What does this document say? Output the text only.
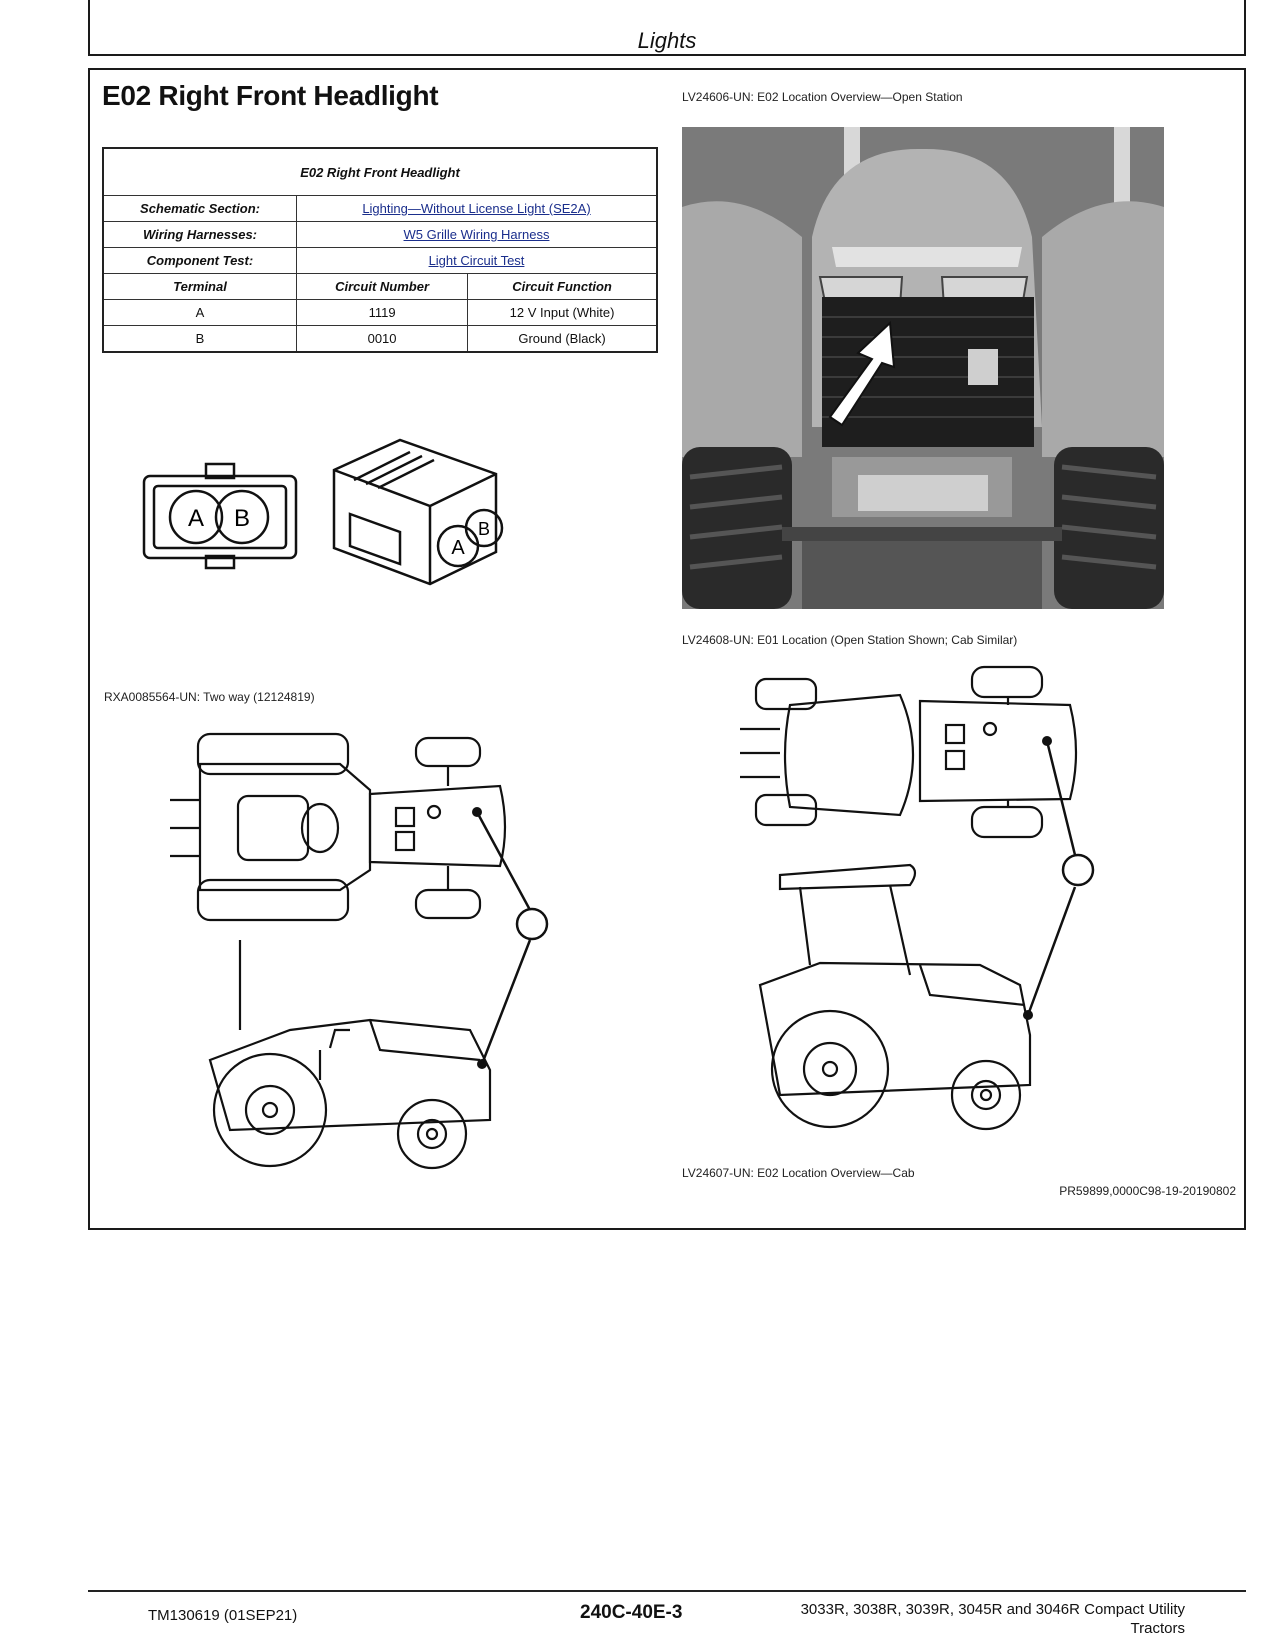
Lights
E02 Right Front Headlight
E02 Right Front Headlight		
Schematic Section:	Lighting—Without License Light (SE2A)	
Wiring Harnesses:	W5 Grille Wiring Harness	
Component Test:	Light Circuit Test	
Terminal	Circuit Number	Circuit Function
A	1119	12 V Input (White)
B	0010	Ground (Black)
LV24606-UN: E02 Location Overview—Open Station
A B
A
B
LV24608-UN: E01 Location (Open Station Shown; Cab Similar)
RXA0085564-UN: Two way (12124819)
LV24607-UN: E02 Location Overview—Cab
PR59899,0000C98-19-20190802
TM130619 (01SEP21)	240C-40E-3	3033R, 3038R, 3039R, 3045R and 3046R Compact Utility
Tractors
